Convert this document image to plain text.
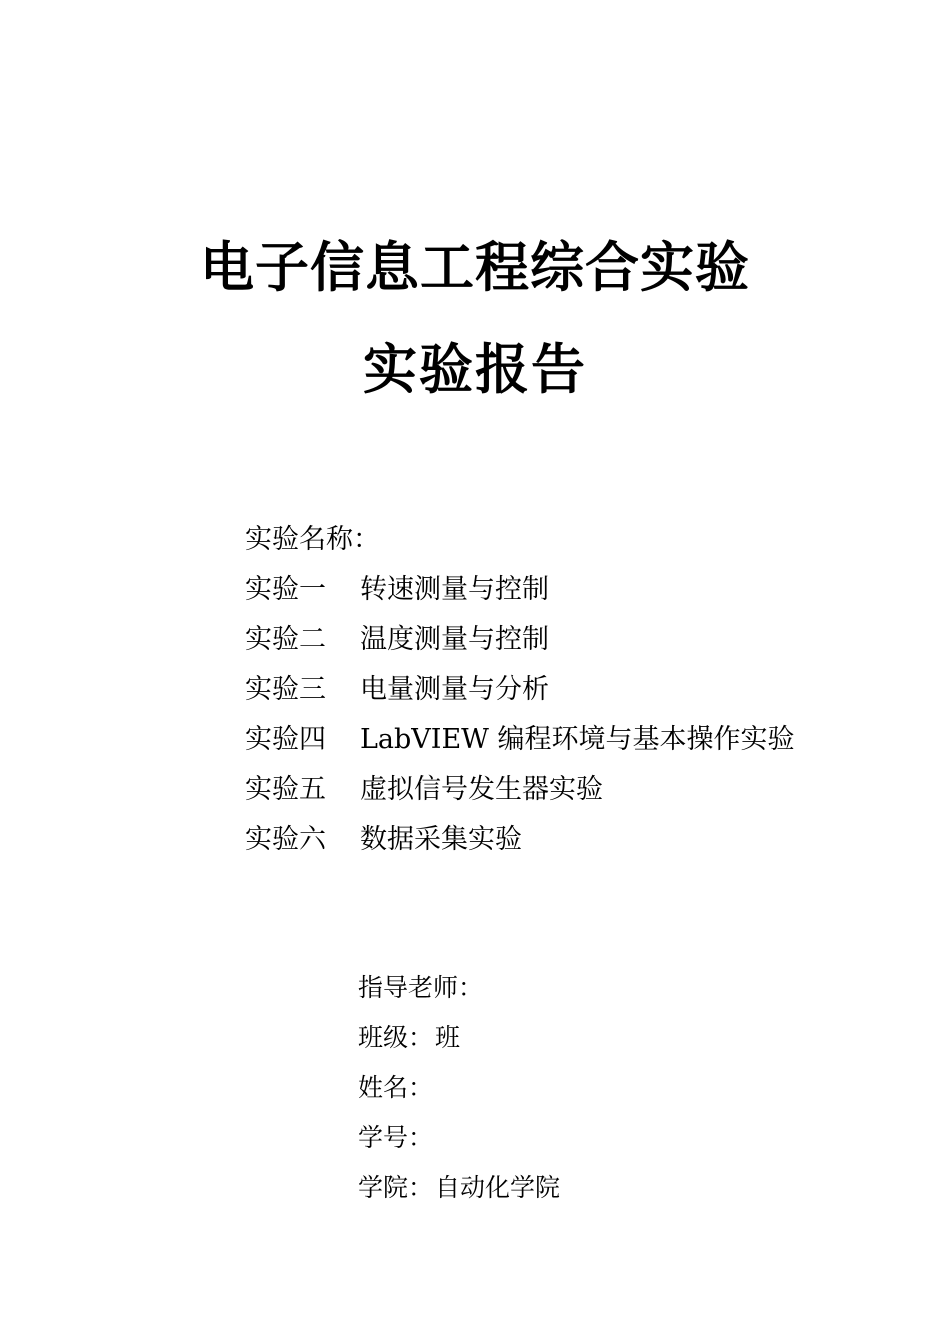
电子信息工程综合实验
实验报告
实验名称：
实验一	转速测量与控制
实验二	温度测量与控制
实验三	电量测量与分析
实验四	LabVIEW 编程环境与基本操作实验
实验五	虚拟信号发生器实验
实验六	数据采集实验
指导老师：
班级：班
姓名：
学号：
学院：自动化学院
